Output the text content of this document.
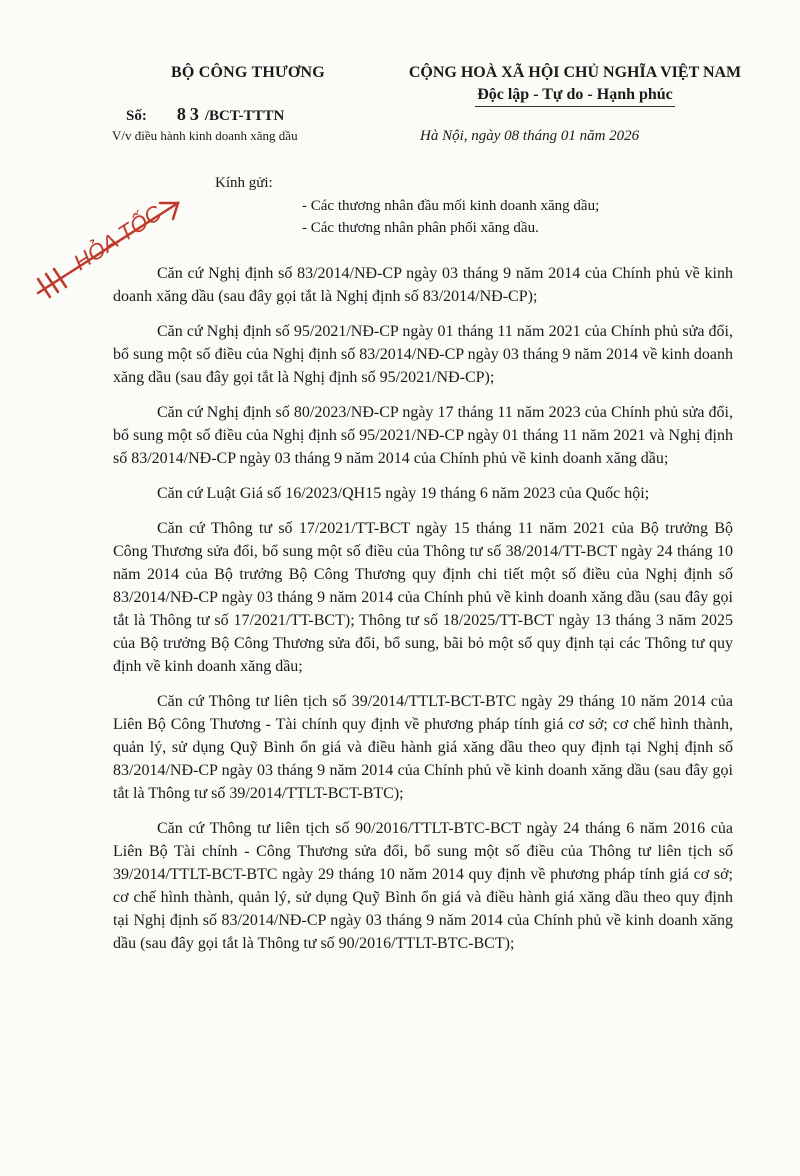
BỘ CÔNG THƯƠNG
Số: 83 /BCT-TTTN
V/v điều hành kinh doanh xăng dầu
CỘNG HOÀ XÃ HỘI CHỦ NGHĨA VIỆT NAM
Độc lập - Tự do - Hạnh phúc
Hà Nội, ngày 08 tháng 01 năm 2026
HỎA TỐC
Kính gửi:
- Các thương nhân đầu mối kinh doanh xăng dầu;
- Các thương nhân phân phối xăng dầu.

Căn cứ Nghị định số 83/2014/NĐ-CP ngày 03 tháng 9 năm 2014 của Chính phủ về kinh doanh xăng dầu (sau đây gọi tắt là Nghị định số 83/2014/NĐ-CP);

Căn cứ Nghị định số 95/2021/NĐ-CP ngày 01 tháng 11 năm 2021 của Chính phủ sửa đổi, bổ sung một số điều của Nghị định số 83/2014/NĐ-CP ngày 03 tháng 9 năm 2014 về kinh doanh xăng dầu (sau đây gọi tắt là Nghị định số 95/2021/NĐ-CP);

Căn cứ Nghị định số 80/2023/NĐ-CP ngày 17 tháng 11 năm 2023 của Chính phủ sửa đổi, bổ sung một số điều của Nghị định số 95/2021/NĐ-CP ngày 01 tháng 11 năm 2021 và Nghị định số 83/2014/NĐ-CP ngày 03 tháng 9 năm 2014 của Chính phủ về kinh doanh xăng dầu;

Căn cứ Luật Giá số 16/2023/QH15 ngày 19 tháng 6 năm 2023 của Quốc hội;

Căn cứ Thông tư số 17/2021/TT-BCT ngày 15 tháng 11 năm 2021 của Bộ trưởng Bộ Công Thương sửa đổi, bổ sung một số điều của Thông tư số 38/2014/TT-BCT ngày 24 tháng 10 năm 2014 của Bộ trưởng Bộ Công Thương quy định chi tiết một số điều của Nghị định số 83/2014/NĐ-CP ngày 03 tháng 9 năm 2014 của Chính phủ về kinh doanh xăng dầu (sau đây gọi tắt là Thông tư số 17/2021/TT-BCT); Thông tư số 18/2025/TT-BCT ngày 13 tháng 3 năm 2025 của Bộ trưởng Bộ Công Thương sửa đổi, bổ sung, bãi bỏ một số quy định tại các Thông tư quy định về kinh doanh xăng dầu;

Căn cứ Thông tư liên tịch số 39/2014/TTLT-BCT-BTC ngày 29 tháng 10 năm 2014 của Liên Bộ Công Thương - Tài chính quy định về phương pháp tính giá cơ sở; cơ chế hình thành, quản lý, sử dụng Quỹ Bình ổn giá và điều hành giá xăng dầu theo quy định tại Nghị định số 83/2014/NĐ-CP ngày 03 tháng 9 năm 2014 của Chính phủ về kinh doanh xăng dầu (sau đây gọi tắt là Thông tư số 39/2014/TTLT-BCT-BTC);

Căn cứ Thông tư liên tịch số 90/2016/TTLT-BTC-BCT ngày 24 tháng 6 năm 2016 của Liên Bộ Tài chính - Công Thương sửa đổi, bổ sung một số điều của Thông tư liên tịch số 39/2014/TTLT-BCT-BTC ngày 29 tháng 10 năm 2014 quy định về phương pháp tính giá cơ sở; cơ chế hình thành, quản lý, sử dụng Quỹ Bình ổn giá và điều hành giá xăng dầu theo quy định tại Nghị định số 83/2014/NĐ-CP ngày 03 tháng 9 năm 2014 của Chính phủ về kinh doanh xăng dầu (sau đây gọi tắt là Thông tư số 90/2016/TTLT-BTC-BCT);
